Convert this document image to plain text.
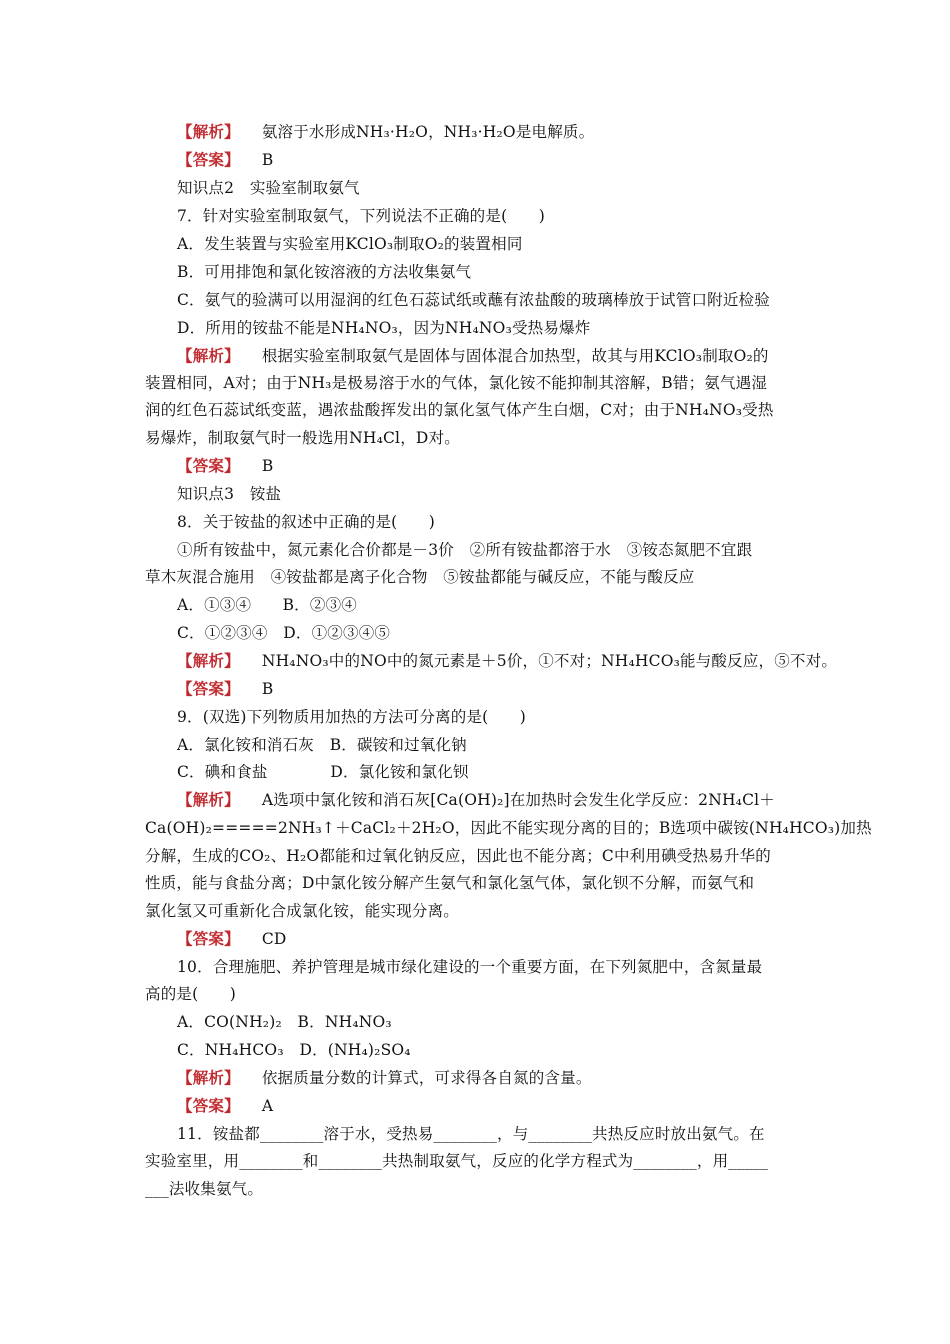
【解析】 氨溶于水形成NH₃·H₂O，NH₃·H₂O是电解质。
【答案】 B
知识点2　实验室制取氨气
7．针对实验室制取氨气，下列说法不正确的是(　　)
A．发生装置与实验室用KClO₃制取O₂的装置相同
B．可用排饱和氯化铵溶液的方法收集氨气
C．氨气的验满可以用湿润的红色石蕊试纸或蘸有浓盐酸的玻璃棒放于试管口附近检验
D．所用的铵盐不能是NH₄NO₃，因为NH₄NO₃受热易爆炸
【解析】 根据实验室制取氨气是固体与固体混合加热型，故其与用KClO₃制取O₂的
装置相同，A对；由于NH₃是极易溶于水的气体，氯化铵不能抑制其溶解，B错；氨气遇湿
润的红色石蕊试纸变蓝，遇浓盐酸挥发出的氯化氢气体产生白烟，C对；由于NH₄NO₃受热
易爆炸，制取氨气时一般选用NH₄Cl，D对。
【答案】 B
知识点3　铵盐
8．关于铵盐的叙述中正确的是(　　)
①所有铵盐中，氮元素化合价都是－3价　②所有铵盐都溶于水　③铵态氮肥不宜跟
草木灰混合施用　④铵盐都是离子化合物　⑤铵盐都能与碱反应，不能与酸反应
A．①③④　　B．②③④
C．①②③④　D．①②③④⑤
【解析】 NH₄NO₃中的NO中的氮元素是＋5价，①不对；NH₄HCO₃能与酸反应，⑤不对。
【答案】 B
9．(双选)下列物质用加热的方法可分离的是(　　)
A．氯化铵和消石灰　B．碳铵和过氧化钠
C．碘和食盐　　　　D．氯化铵和氯化钡
【解析】 A选项中氯化铵和消石灰[Ca(OH)₂]在加热时会发生化学反应：2NH₄Cl＋
Ca(OH)₂=====2NH₃↑＋CaCl₂＋2H₂O，因此不能实现分离的目的；B选项中碳铵(NH₄HCO₃)加热
分解，生成的CO₂、H₂O都能和过氧化钠反应，因此也不能分离；C中利用碘受热易升华的
性质，能与食盐分离；D中氯化铵分解产生氨气和氯化氢气体，氯化钡不分解，而氨气和
氯化氢又可重新化合成氯化铵，能实现分离。
【答案】 CD
10．合理施肥、养护管理是城市绿化建设的一个重要方面，在下列氮肥中，含氮量最
高的是(　　)
A．CO(NH₂)₂　B．NH₄NO₃
C．NH₄HCO₃　D．(NH₄)₂SO₄
【解析】 依据质量分数的计算式，可求得各自氮的含量。
【答案】 A
11．铵盐都________溶于水，受热易________，与________共热反应时放出氨气。在
实验室里，用________和________共热制取氨气，反应的化学方程式为________，用_____
___法收集氨气。
